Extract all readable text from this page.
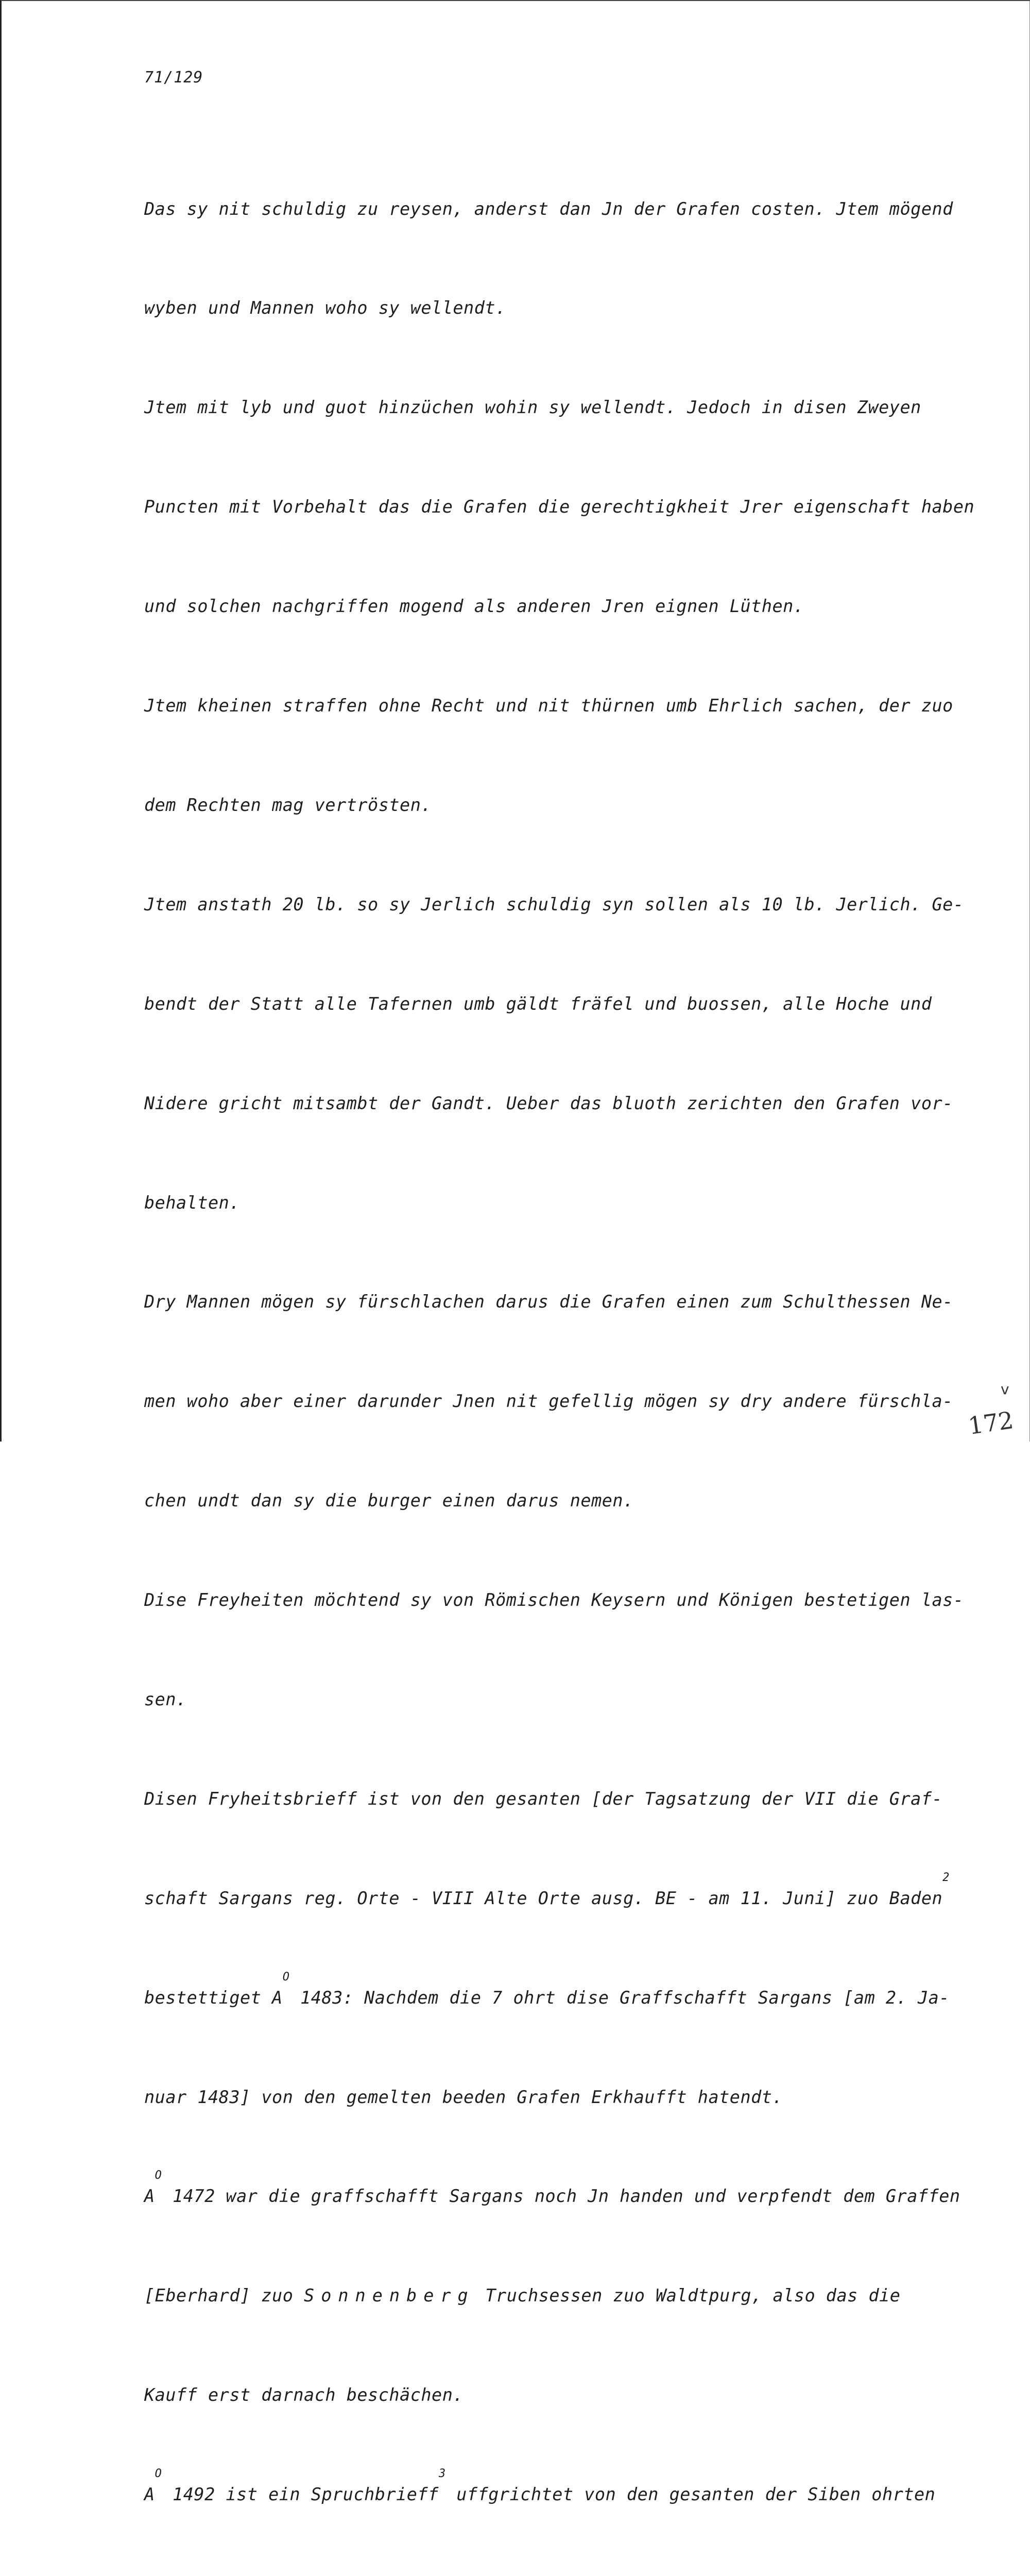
71/129

Das sy nit schuldig zu reysen, anderst dan Jn der Grafen costen. Jtem mögend

wyben und Mannen woho sy wellendt.

Jtem mit lyb und guot hinzüchen wohin sy wellendt. Jedoch in disen Zweyen

Puncten mit Vorbehalt das die Grafen die gerechtigkheit Jrer eigenschaft haben

und solchen nachgriffen mogend als anderen Jren eignen Lüthen.

Jtem kheinen straffen ohne Recht und nit thürnen umb Ehrlich sachen, der zuo

dem Rechten mag vertrösten.

Jtem anstath 20 lb. so sy Jerlich schuldig syn sollen als 10 lb. Jerlich. Ge-

bendt der Statt alle Tafernen umb gäldt fräfel und buossen, alle Hoche und

Nidere gricht mitsambt der Gandt. Ueber das bluoth zerichten den Grafen vor-

behalten.

Dry Mannen mögen sy fürschlachen darus die Grafen einen zum Schulthessen Ne-

men woho aber einer darunder Jnen nit gefellig mögen sy dry andere fürschla-

chen undt dan sy die burger einen darus nemen.

Dise Freyheiten möchtend sy von Römischen Keysern und Königen bestetigen las-

sen.

Disen Fryheitsbrieff ist von den gesanten [der Tagsatzung der VII die Graf-

schaft Sargans reg. Orte - VIII Alte Orte ausg. BE - am 11. Juni] zuo Baden$^2$

bestettiget $A^O$ 1483: Nachdem die 7 ohrt dise Graffschafft Sargans [am 2. Ja-

nuar 1483] von den gemelten beeden Grafen Erkhaufft hatendt.

$A^O$ 1472 war die graffschafft Sargans noch Jn handen und verpfendt dem Graffen

[Eberhard] zuo Sonnenberg Truchsessen zuo Waldtpurg, also das die

Kauff erst darnach beschächen.

$A^O$ 1492 ist ein Spruchbrieff$^3$ uffgrichtet von den gesanten der Siben ohrten

v
172
